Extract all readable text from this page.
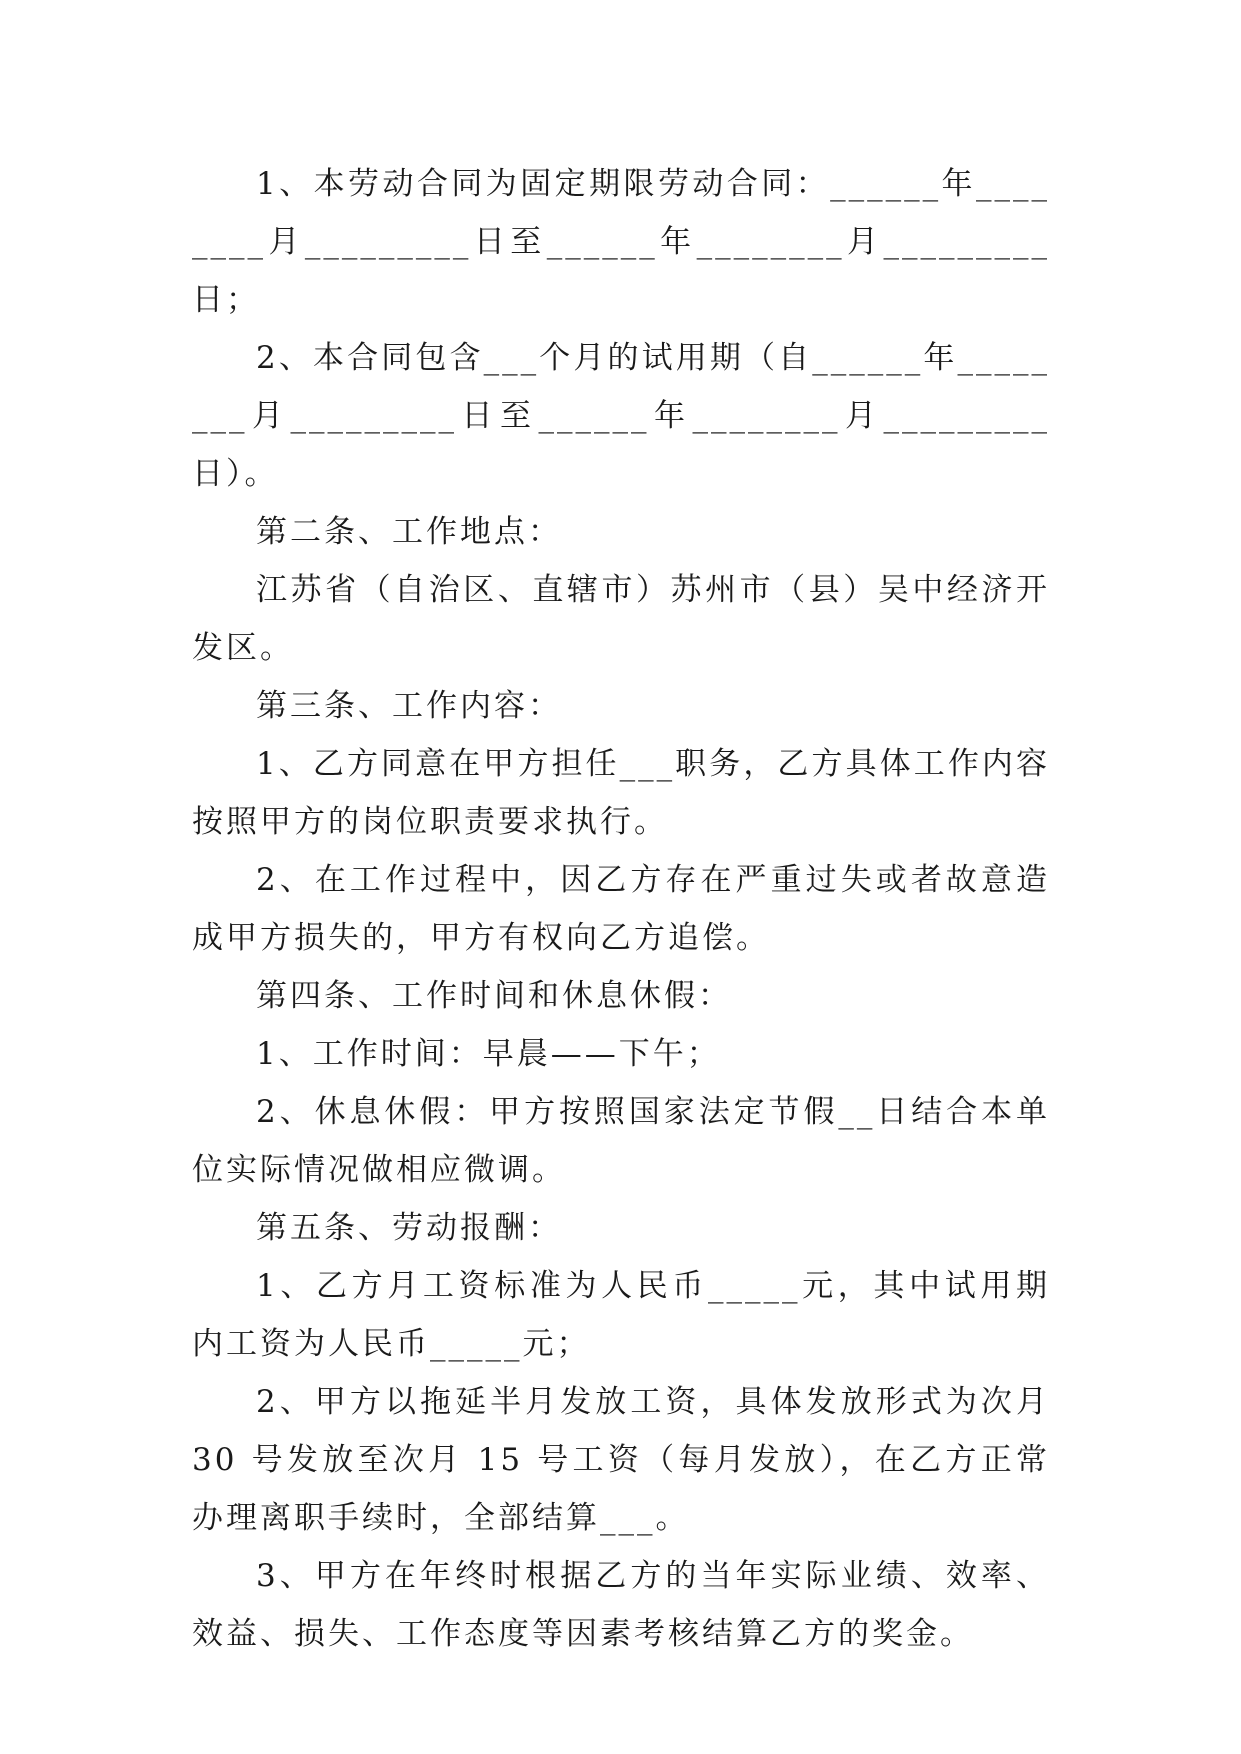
1、本劳动合同为固定期限劳动合同：______年________月_________日至______年________月_________日；

2、本合同包含___个月的试用期（自______年________月_________日至______年________月_________日）。

第二条、工作地点：

江苏省（自治区、直辖市）苏州市（县）吴中经济开发区。

第三条、工作内容：

1、乙方同意在甲方担任___职务，乙方具体工作内容按照甲方的岗位职责要求执行。

2、在工作过程中，因乙方存在严重过失或者故意造成甲方损失的，甲方有权向乙方追偿。

第四条、工作时间和休息休假：

1、工作时间：早晨——下午；

2、休息休假：甲方按照国家法定节假__日结合本单位实际情况做相应微调。

第五条、劳动报酬：

1、乙方月工资标准为人民币_____元，其中试用期内工资为人民币_____元；

2、甲方以拖延半月发放工资，具体发放形式为次月 30 号发放至次月 15 号工资（每月发放），在乙方正常办理离职手续时，全部结算___。

3、甲方在年终时根据乙方的当年实际业绩、效率、效益、损失、工作态度等因素考核结算乙方的奖金。
